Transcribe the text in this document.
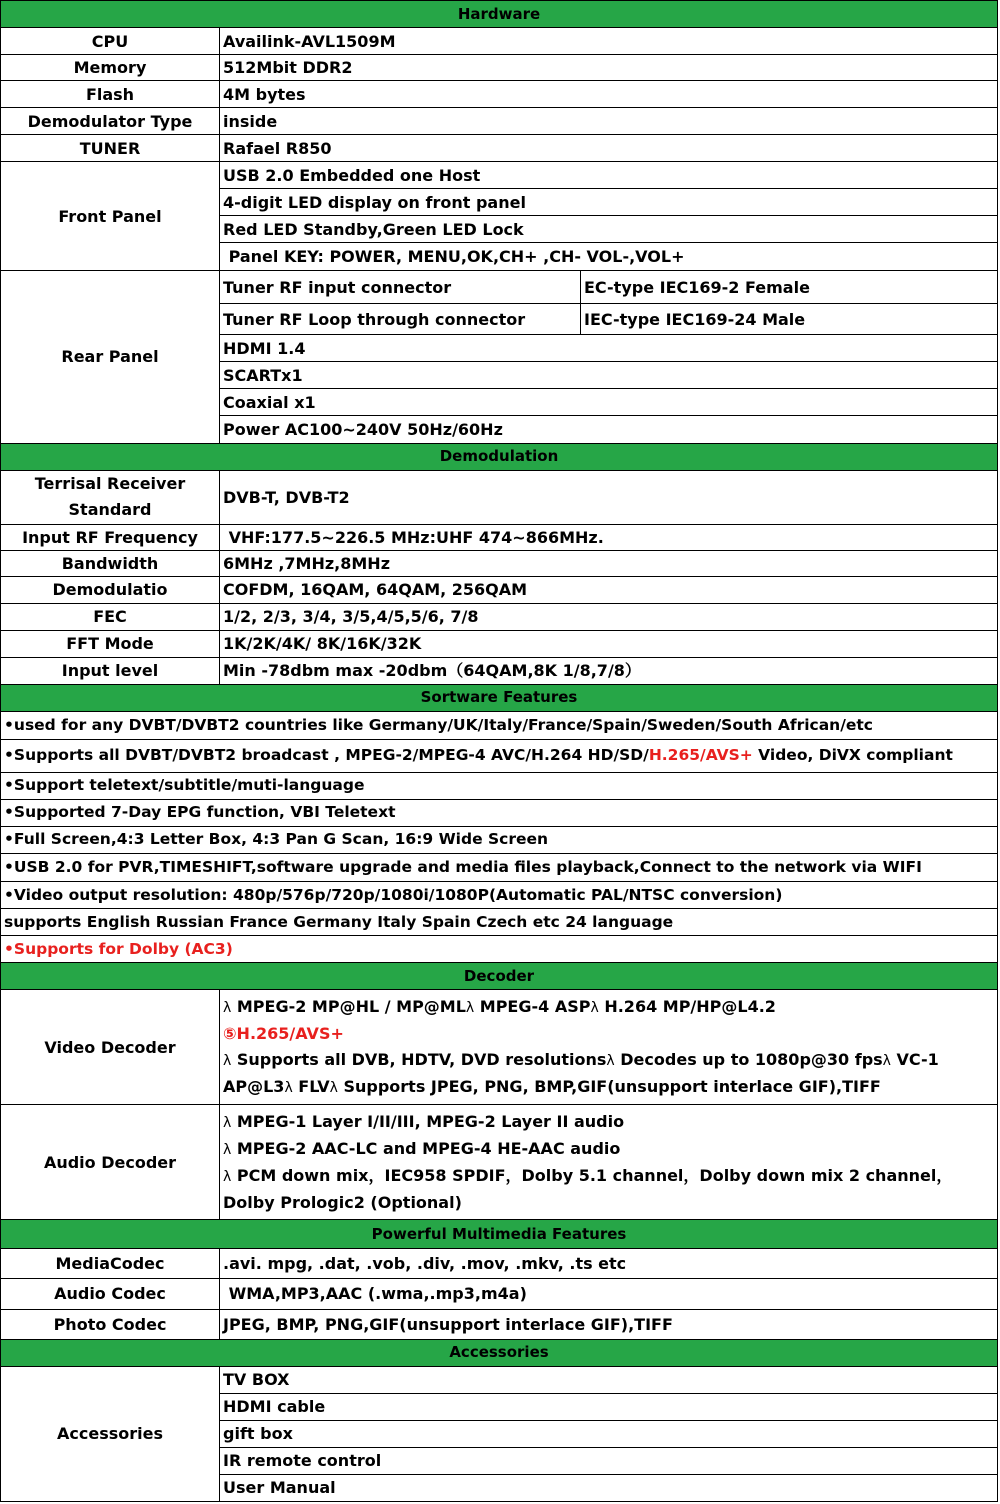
Hardware		
CPU	Availink-AVL1509M	
Memory	512Mbit DDR2	
Flash	4M bytes	
Demodulator Type	inside	
TUNER	Rafael R850	
Front Panel	USB 2.0 Embedded one Host	
	4-digit LED display on front panel	
	Red LED Standby,Green LED Lock	
	Panel KEY: POWER, MENU,OK,CH+ ,CH- VOL-,VOL+	
Rear Panel	Tuner RF input connector	EC-type IEC169-2 Female
	Tuner RF Loop through connector	IEC-type IEC169-24 Male
	HDMI 1.4	
	SCARTx1	
	Coaxial x1	
	Power AC100~240V 50Hz/60Hz	
Demodulation		
Terrisal Receiver Standard	DVB-T, DVB-T2	
Input RF Frequency	VHF:177.5~226.5 MHz:UHF 474~866MHz.	
Bandwidth	6MHz ,7MHz,8MHz	
Demodulatio	COFDM, 16QAM, 64QAM, 256QAM	
FEC	1/2, 2/3, 3/4, 3/5,4/5,5/6, 7/8	
FFT Mode	1K/2K/4K/ 8K/16K/32K	
Input level	Min -78dbm max -20dbm（64QAM,8K 1/8,7/8）	
Sortware Features		
•used for any DVBT/DVBT2 countries like Germany/UK/Italy/France/Spain/Sweden/South African/etc		
•Supports all DVBT/DVBT2 broadcast , MPEG-2/MPEG-4 AVC/H.264 HD/SD/H.265/AVS+ Video, DiVX compliant		
•Support teletext/subtitle/muti-language		
•Supported 7-Day EPG function, VBI Teletext		
•Full Screen,4:3 Letter Box, 4:3 Pan G Scan, 16:9 Wide Screen		
•USB 2.0 for PVR,TIMESHIFT,software upgrade and media files playback,Connect to the network via WIFI		
•Video output resolution: 480p/576p/720p/1080i/1080P(Automatic PAL/NTSC conversion)		
supports English Russian France Germany Italy Spain Czech etc 24 language		
•Supports for Dolby (AC3)		
Decoder		
Video Decoder	λ MPEG-2 MP@HL / MP@MLλ MPEG-4 ASPλ H.264 MP/HP@L4.2
⑤H.265/AVS+
λ Supports all DVB, HDTV, DVD resolutionsλ Decodes up to 1080p@30 fpsλ VC-1 AP@L3λ FLVλ Supports JPEG, PNG, BMP,GIF(unsupport interlace GIF),TIFF	
Audio Decoder	λ MPEG-1 Layer I/II/III, MPEG-2 Layer II audio
λ MPEG-2 AAC-LC and MPEG-4 HE-AAC audio
λ PCM down mix，IEC958 SPDIF，Dolby 5.1 channel，Dolby down mix 2 channel，Dolby Prologic2 (Optional)	
Powerful Multimedia Features		
MediaCodec	.avi. mpg, .dat, .vob, .div, .mov, .mkv, .ts etc	
Audio Codec	WMA,MP3,AAC (.wma,.mp3,m4a)	
Photo Codec	JPEG, BMP, PNG,GIF(unsupport interlace GIF),TIFF	
Accessories		
Accessories	TV BOX	
	HDMI cable	
	gift box	
	IR remote control	
	User Manual	
